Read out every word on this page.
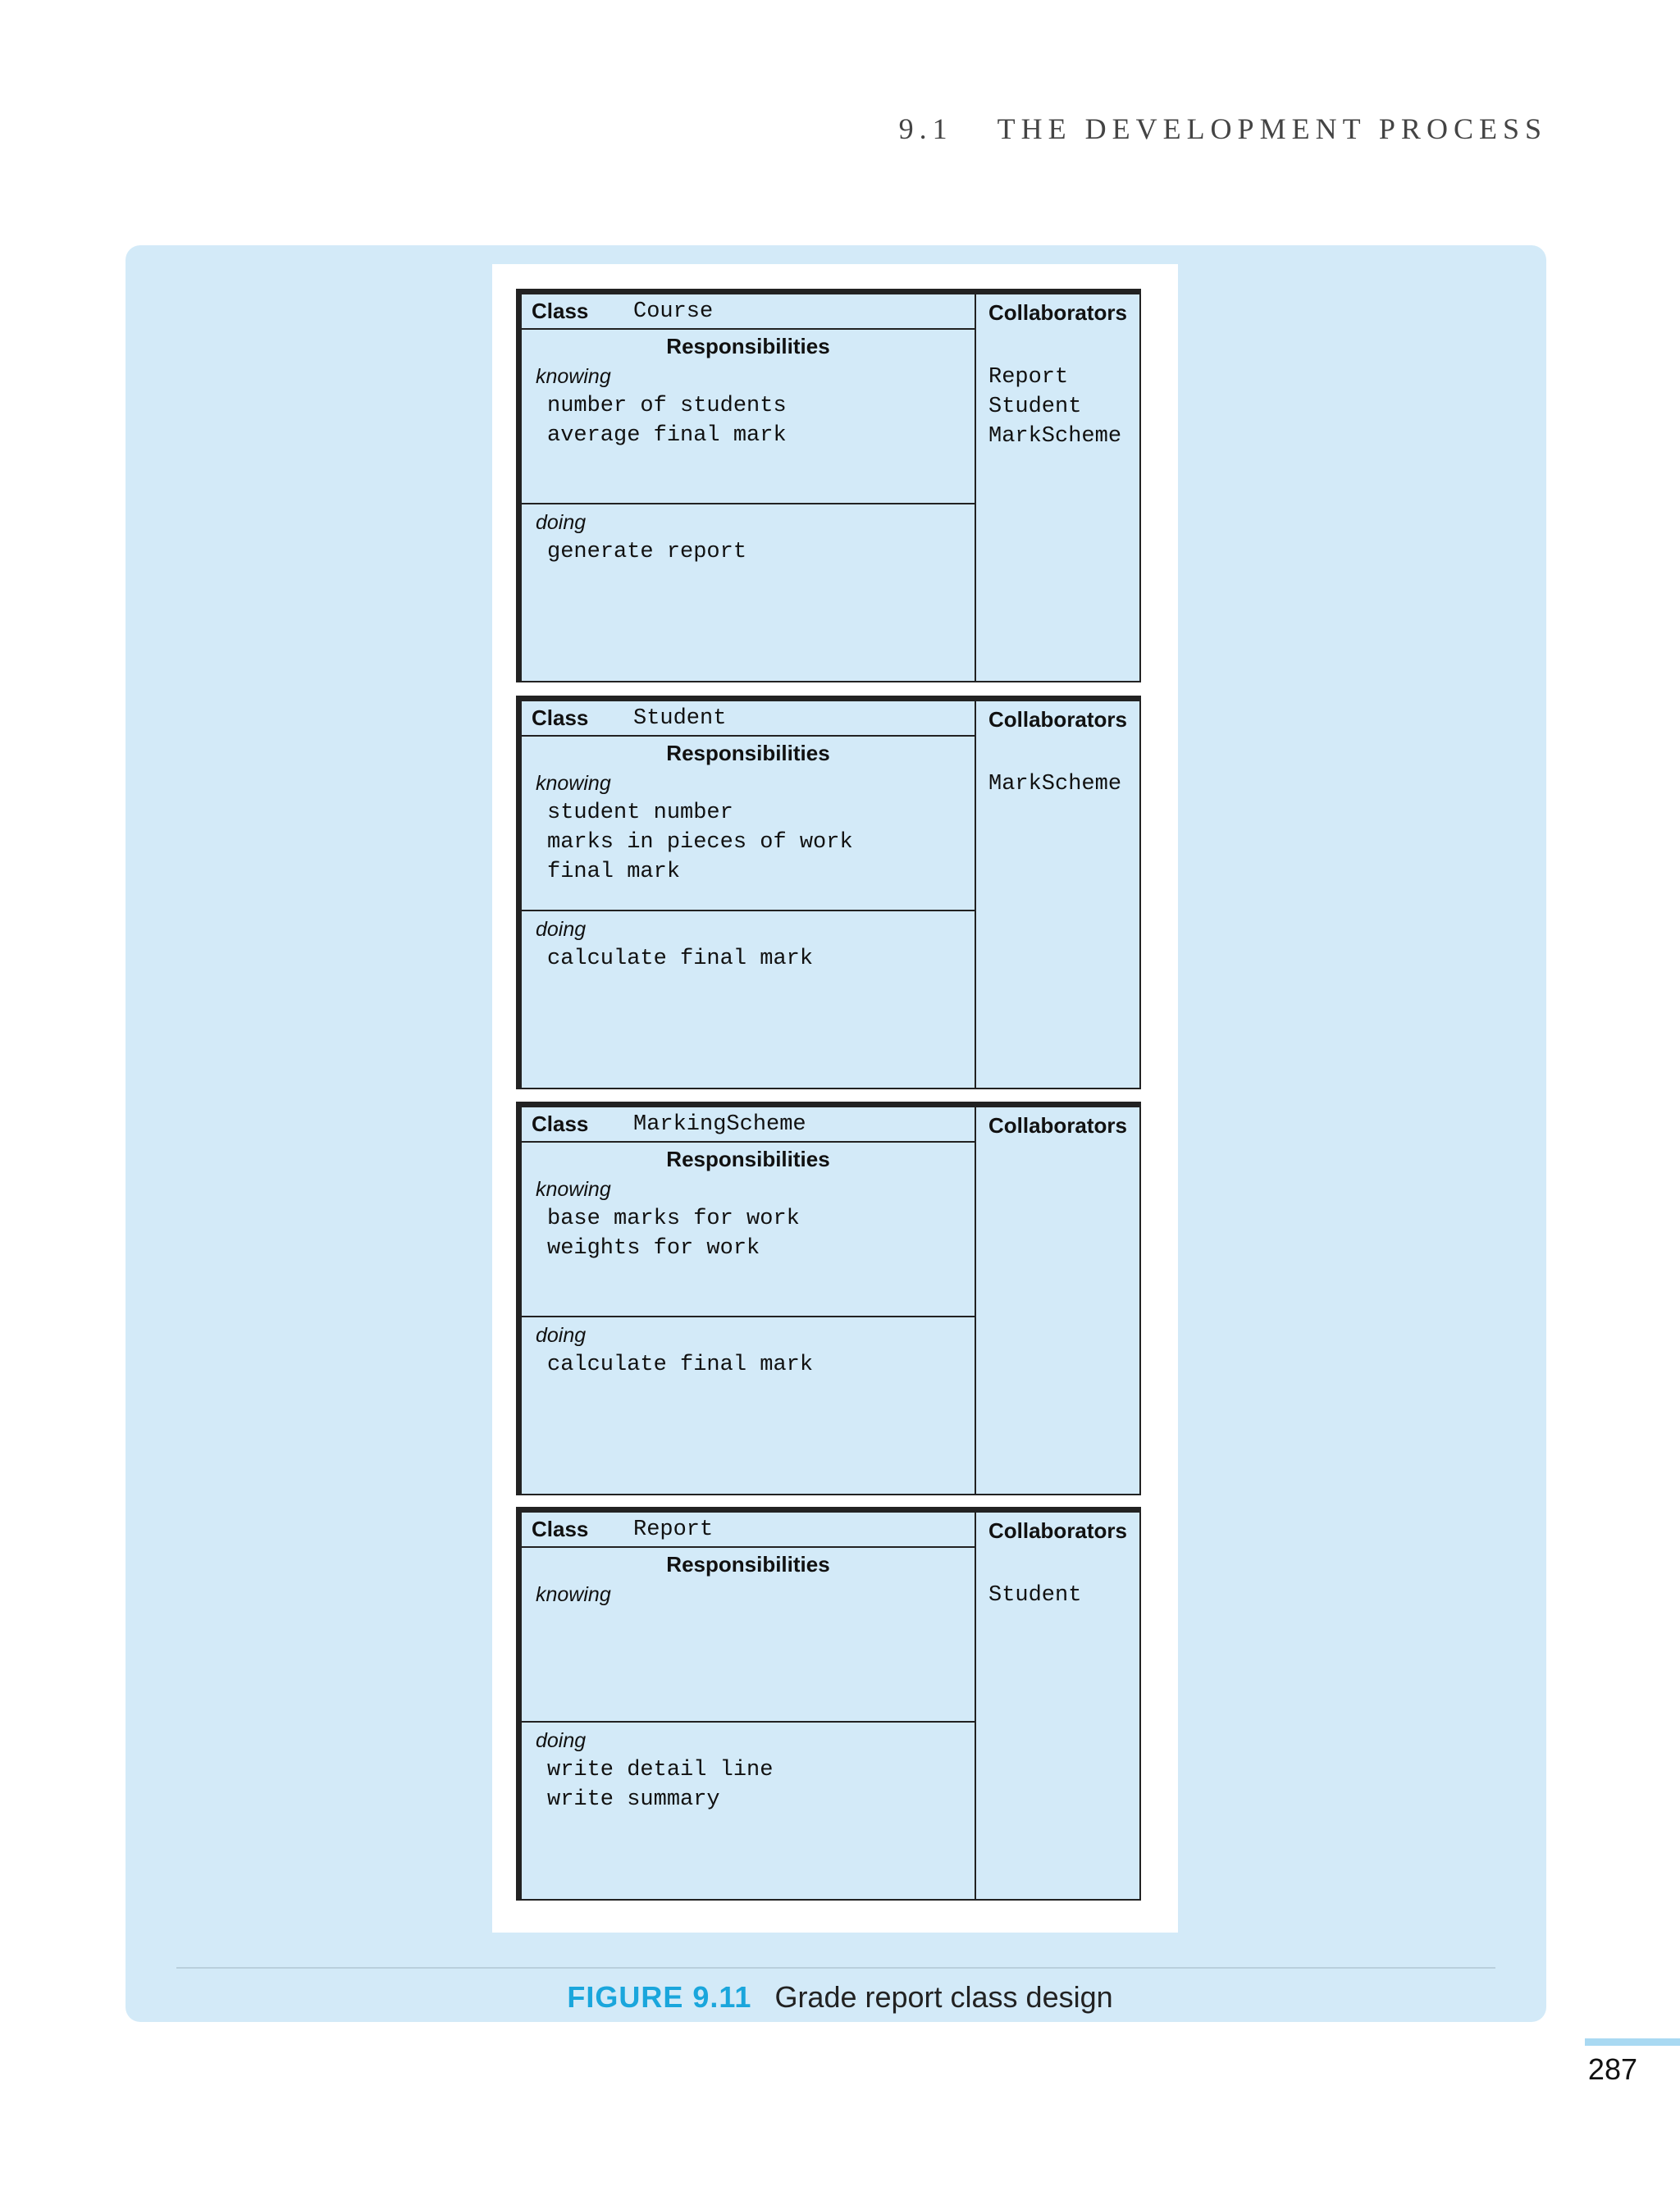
9.1 THE DEVELOPMENT PROCESS
Class	Course
Responsibilities
knowing
number of students
average final mark
doing
generate report
Collaborators
Report
Student
MarkScheme
Class	Student
Responsibilities
knowing
student number
marks in pieces of work
final mark
doing
calculate final mark
Collaborators
MarkScheme
Class	MarkingScheme
Responsibilities
knowing
base marks for work
weights for work
doing
calculate final mark
Collaborators
Class	Report
Responsibilities
knowing
doing
write detail line
write summary
Collaborators
Student
FIGURE 9.11 Grade report class design
287
